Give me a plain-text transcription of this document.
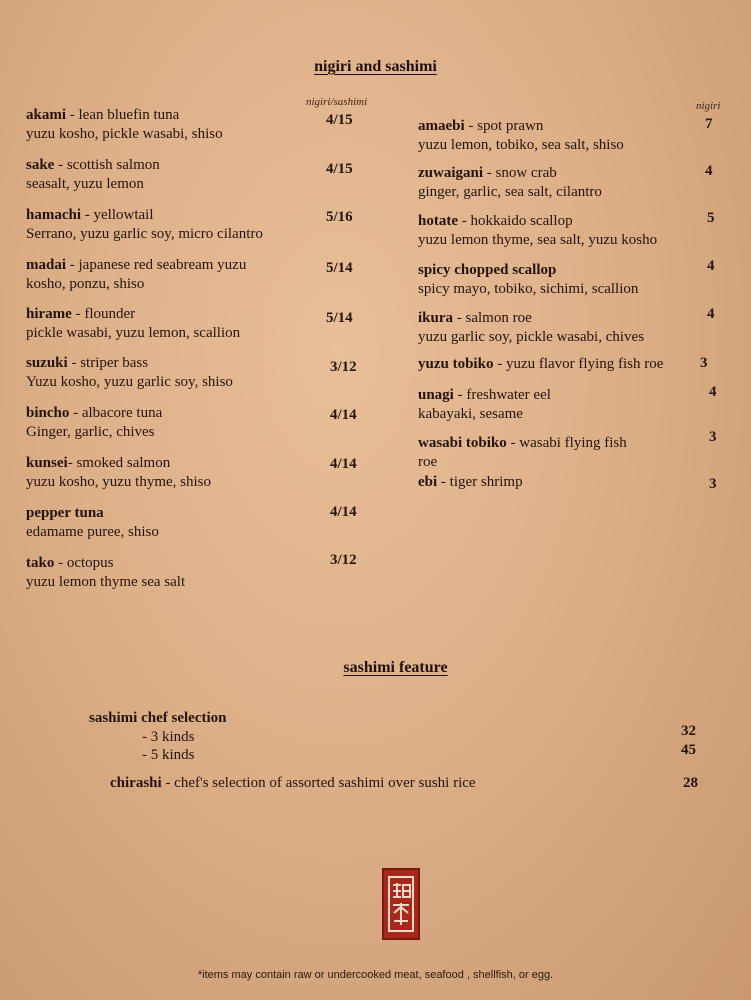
nigiri and sashimi
nigiri/sashimi	nigiri
akami - lean bluefin tuna
yuzu kosho, pickle wasabi, shiso
4/15
sake - scottish salmon
seasalt, yuzu lemon
4/15
hamachi - yellowtail
Serrano, yuzu garlic soy, micro cilantro
5/16
madai - japanese red seabream yuzu
kosho, ponzu, shiso
5/14
hirame - flounder
pickle wasabi, yuzu lemon, scallion
5/14
suzuki - striper bass
Yuzu kosho, yuzu garlic soy, shiso
3/12
bincho - albacore tuna
Ginger, garlic, chives
4/14
kunsei- smoked salmon
yuzu kosho, yuzu thyme, shiso
4/14
pepper tuna
edamame puree, shiso
4/14
tako - octopus
yuzu lemon thyme sea salt
3/12
amaebi - spot prawn
yuzu lemon, tobiko, sea salt, shiso
7
zuwaigani - snow crab
ginger, garlic, sea salt, cilantro
4
hotate - hokkaido scallop
yuzu lemon thyme, sea salt, yuzu kosho
5
spicy chopped scallop
spicy mayo, tobiko, sichimi, scallion
4
ikura - salmon roe
yuzu garlic soy, pickle wasabi, chives
4
yuzu tobiko - yuzu flavor flying fish roe 3
unagi - freshwater eel
kabayaki, sesame
4
wasabi tobiko - wasabi flying fish
roe
3
ebi - tiger shrimp	3
sashimi feature
sashimi chef selection
- 3 kinds	32
- 5 kinds	45
chirashi - chef's selection of assorted sashimi over sushi rice	28
*items may contain raw or undercooked meat, seafood , shellfish, or egg.
